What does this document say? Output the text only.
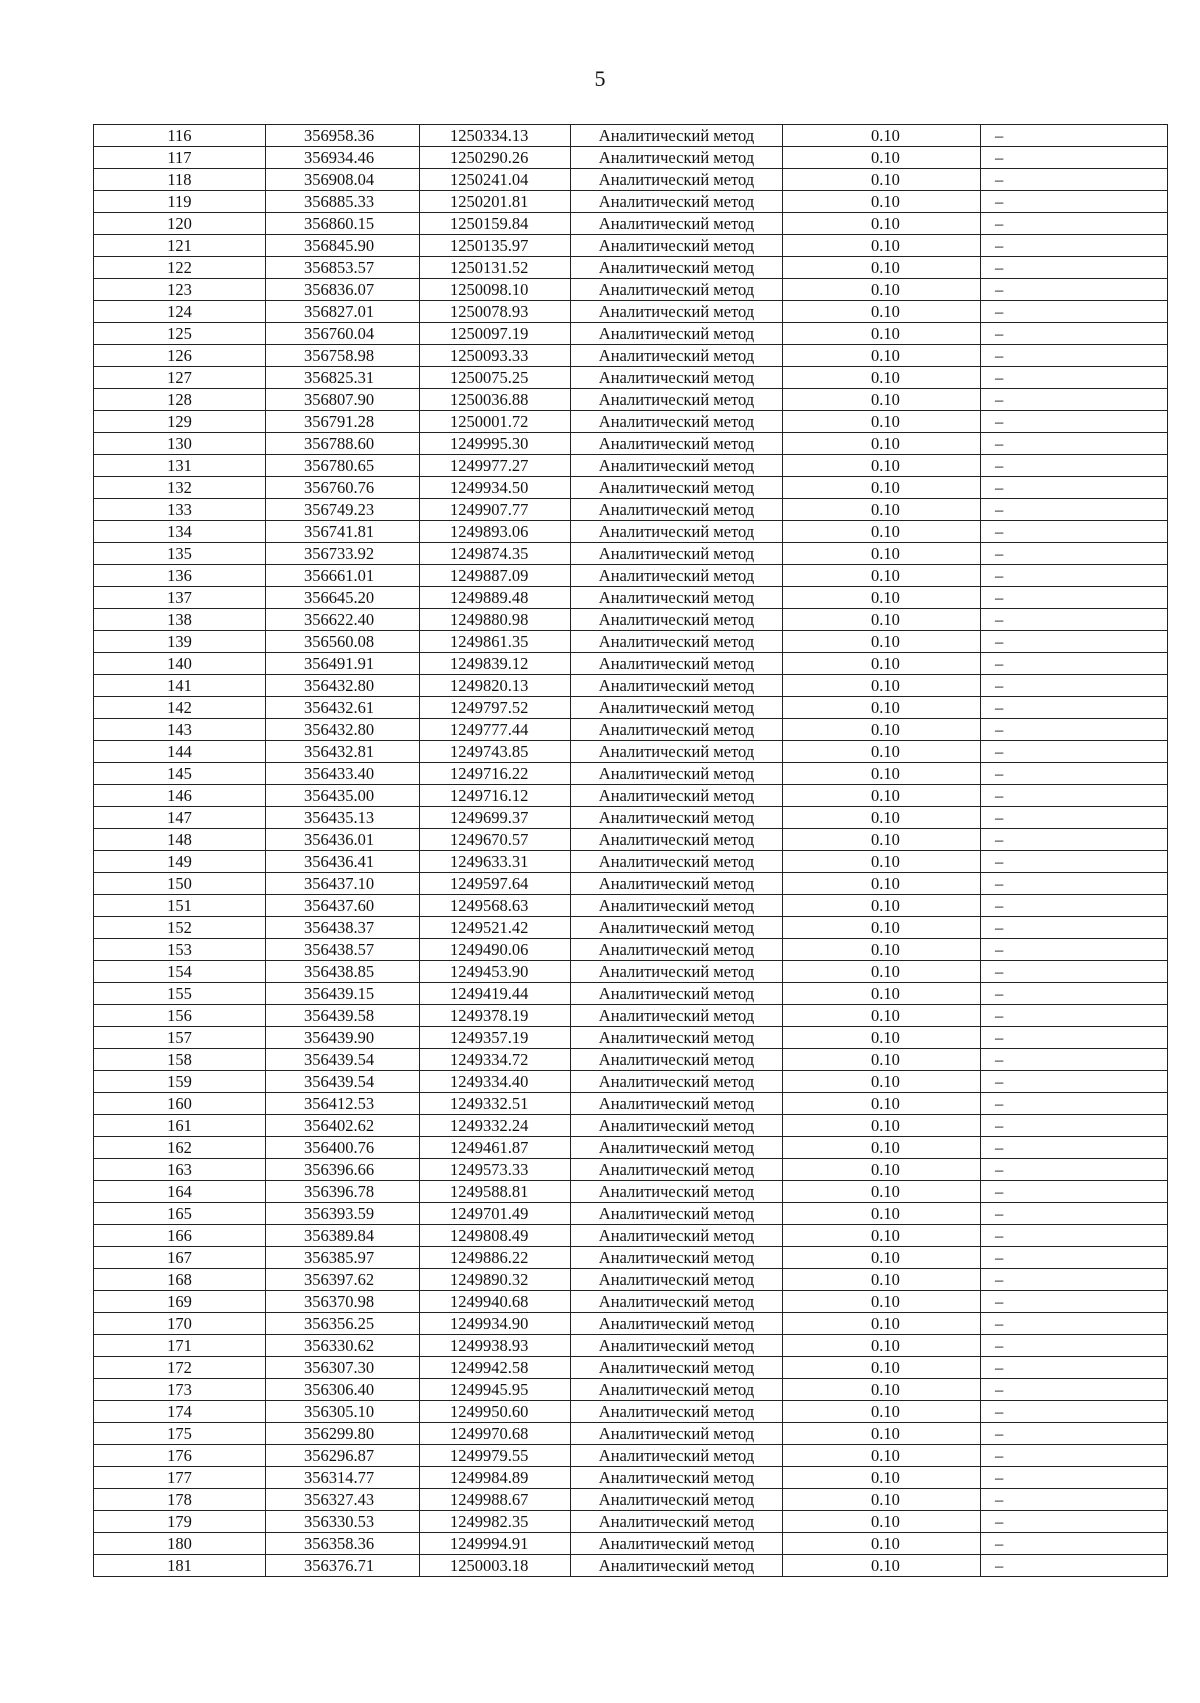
5
116	356958.36	1250334.13	Аналитический метод	0.10	–
117	356934.46	1250290.26	Аналитический метод	0.10	–
118	356908.04	1250241.04	Аналитический метод	0.10	–
119	356885.33	1250201.81	Аналитический метод	0.10	–
120	356860.15	1250159.84	Аналитический метод	0.10	–
121	356845.90	1250135.97	Аналитический метод	0.10	–
122	356853.57	1250131.52	Аналитический метод	0.10	–
123	356836.07	1250098.10	Аналитический метод	0.10	–
124	356827.01	1250078.93	Аналитический метод	0.10	–
125	356760.04	1250097.19	Аналитический метод	0.10	–
126	356758.98	1250093.33	Аналитический метод	0.10	–
127	356825.31	1250075.25	Аналитический метод	0.10	–
128	356807.90	1250036.88	Аналитический метод	0.10	–
129	356791.28	1250001.72	Аналитический метод	0.10	–
130	356788.60	1249995.30	Аналитический метод	0.10	–
131	356780.65	1249977.27	Аналитический метод	0.10	–
132	356760.76	1249934.50	Аналитический метод	0.10	–
133	356749.23	1249907.77	Аналитический метод	0.10	–
134	356741.81	1249893.06	Аналитический метод	0.10	–
135	356733.92	1249874.35	Аналитический метод	0.10	–
136	356661.01	1249887.09	Аналитический метод	0.10	–
137	356645.20	1249889.48	Аналитический метод	0.10	–
138	356622.40	1249880.98	Аналитический метод	0.10	–
139	356560.08	1249861.35	Аналитический метод	0.10	–
140	356491.91	1249839.12	Аналитический метод	0.10	–
141	356432.80	1249820.13	Аналитический метод	0.10	–
142	356432.61	1249797.52	Аналитический метод	0.10	–
143	356432.80	1249777.44	Аналитический метод	0.10	–
144	356432.81	1249743.85	Аналитический метод	0.10	–
145	356433.40	1249716.22	Аналитический метод	0.10	–
146	356435.00	1249716.12	Аналитический метод	0.10	–
147	356435.13	1249699.37	Аналитический метод	0.10	–
148	356436.01	1249670.57	Аналитический метод	0.10	–
149	356436.41	1249633.31	Аналитический метод	0.10	–
150	356437.10	1249597.64	Аналитический метод	0.10	–
151	356437.60	1249568.63	Аналитический метод	0.10	–
152	356438.37	1249521.42	Аналитический метод	0.10	–
153	356438.57	1249490.06	Аналитический метод	0.10	–
154	356438.85	1249453.90	Аналитический метод	0.10	–
155	356439.15	1249419.44	Аналитический метод	0.10	–
156	356439.58	1249378.19	Аналитический метод	0.10	–
157	356439.90	1249357.19	Аналитический метод	0.10	–
158	356439.54	1249334.72	Аналитический метод	0.10	–
159	356439.54	1249334.40	Аналитический метод	0.10	–
160	356412.53	1249332.51	Аналитический метод	0.10	–
161	356402.62	1249332.24	Аналитический метод	0.10	–
162	356400.76	1249461.87	Аналитический метод	0.10	–
163	356396.66	1249573.33	Аналитический метод	0.10	–
164	356396.78	1249588.81	Аналитический метод	0.10	–
165	356393.59	1249701.49	Аналитический метод	0.10	–
166	356389.84	1249808.49	Аналитический метод	0.10	–
167	356385.97	1249886.22	Аналитический метод	0.10	–
168	356397.62	1249890.32	Аналитический метод	0.10	–
169	356370.98	1249940.68	Аналитический метод	0.10	–
170	356356.25	1249934.90	Аналитический метод	0.10	–
171	356330.62	1249938.93	Аналитический метод	0.10	–
172	356307.30	1249942.58	Аналитический метод	0.10	–
173	356306.40	1249945.95	Аналитический метод	0.10	–
174	356305.10	1249950.60	Аналитический метод	0.10	–
175	356299.80	1249970.68	Аналитический метод	0.10	–
176	356296.87	1249979.55	Аналитический метод	0.10	–
177	356314.77	1249984.89	Аналитический метод	0.10	–
178	356327.43	1249988.67	Аналитический метод	0.10	–
179	356330.53	1249982.35	Аналитический метод	0.10	–
180	356358.36	1249994.91	Аналитический метод	0.10	–
181	356376.71	1250003.18	Аналитический метод	0.10	–
